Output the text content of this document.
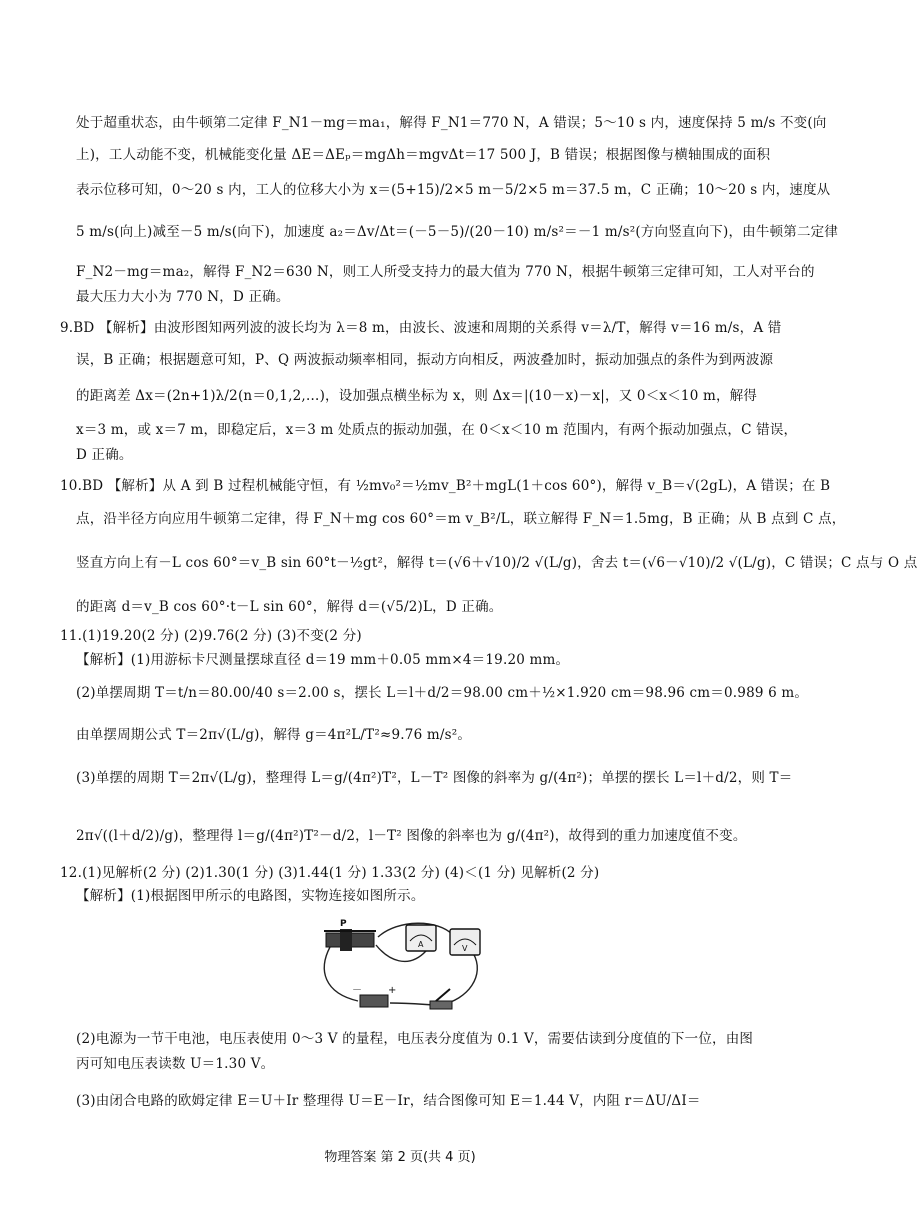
处于超重状态，由牛顿第二定律 F_N1－mg＝ma₁，解得 F_N1＝770 N，A 错误；5～10 s 内，速度保持 5 m/s 不变(向
上)，工人动能不变，机械能变化量 ΔE＝ΔEₚ＝mgΔh＝mgvΔt＝17 500 J，B 错误；根据图像与横轴围成的面积
表示位移可知，0～20 s 内，工人的位移大小为 x＝(5+15)/2×5 m－5/2×5 m＝37.5 m，C 正确；10～20 s 内，速度从
5 m/s(向上)减至－5 m/s(向下)，加速度 a₂＝Δv/Δt＝(－5－5)/(20－10) m/s²＝－1 m/s²(方向竖直向下)，由牛顿第二定律
F_N2－mg＝ma₂，解得 F_N2＝630 N，则工人所受支持力的最大值为 770 N，根据牛顿第三定律可知，工人对平台的
最大压力大小为 770 N，D 正确。
9.BD 【解析】由波形图知两列波的波长均为 λ＝8 m，由波长、波速和周期的关系得 v＝λ/T，解得 v＝16 m/s，A 错
误，B 正确；根据题意可知，P、Q 两波振动频率相同，振动方向相反，两波叠加时，振动加强点的条件为到两波源
的距离差 Δx＝(2n+1)λ/2(n＝0,1,2,…)，设加强点横坐标为 x，则 Δx＝|(10－x)－x|，又 0＜x＜10 m，解得
x＝3 m，或 x＝7 m，即稳定后，x＝3 m 处质点的振动加强，在 0＜x＜10 m 范围内，有两个振动加强点，C 错误，
D 正确。
10.BD 【解析】从 A 到 B 过程机械能守恒，有 ½mv₀²＝½mv_B²＋mgL(1＋cos 60°)，解得 v_B＝√(2gL)，A 错误；在 B
点，沿半径方向应用牛顿第二定律，得 F_N＋mg cos 60°＝m v_B²/L，联立解得 F_N＝1.5mg，B 正确；从 B 点到 C 点，
竖直方向上有－L cos 60°＝v_B sin 60°t－½gt²，解得 t＝(√6＋√10)/2 √(L/g)，舍去 t＝(√6－√10)/2 √(L/g)，C 错误；C 点与 O 点
的距离 d＝v_B cos 60°·t－L sin 60°，解得 d＝(√5/2)L，D 正确。
11.(1)19.20(2 分) (2)9.76(2 分) (3)不变(2 分)
【解析】(1)用游标卡尺测量摆球直径 d＝19 mm＋0.05 mm×4＝19.20 mm。
(2)单摆周期 T＝t/n＝80.00/40 s＝2.00 s，摆长 L＝l＋d/2＝98.00 cm＋½×1.920 cm＝98.96 cm＝0.989 6 m。
由单摆周期公式 T＝2π√(L/g)，解得 g＝4π²L/T²≈9.76 m/s²。
(3)单摆的周期 T＝2π√(L/g)，整理得 L＝g/(4π²)T²，L－T² 图像的斜率为 g/(4π²)；单摆的摆长 L＝l＋d/2，则 T＝
2π√((l＋d/2)/g)，整理得 l＝g/(4π²)T²－d/2，l－T² 图像的斜率也为 g/(4π²)，故得到的重力加速度值不变。
12.(1)见解析(2 分) (2)1.30(1 分) (3)1.44(1 分) 1.33(2 分) (4)＜(1 分) 见解析(2 分)
【解析】(1)根据图甲所示的电路图，实物连接如图所示。
P
A	V
－	+
(2)电源为一节干电池，电压表使用 0～3 V 的量程，电压表分度值为 0.1 V，需要估读到分度值的下一位，由图
丙可知电压表读数 U＝1.30 V。
(3)由闭合电路的欧姆定律 E＝U＋Ir 整理得 U＝E－Ir，结合图像可知 E＝1.44 V，内阻 r＝ΔU/ΔI＝
物理答案 第 2 页(共 4 页)
